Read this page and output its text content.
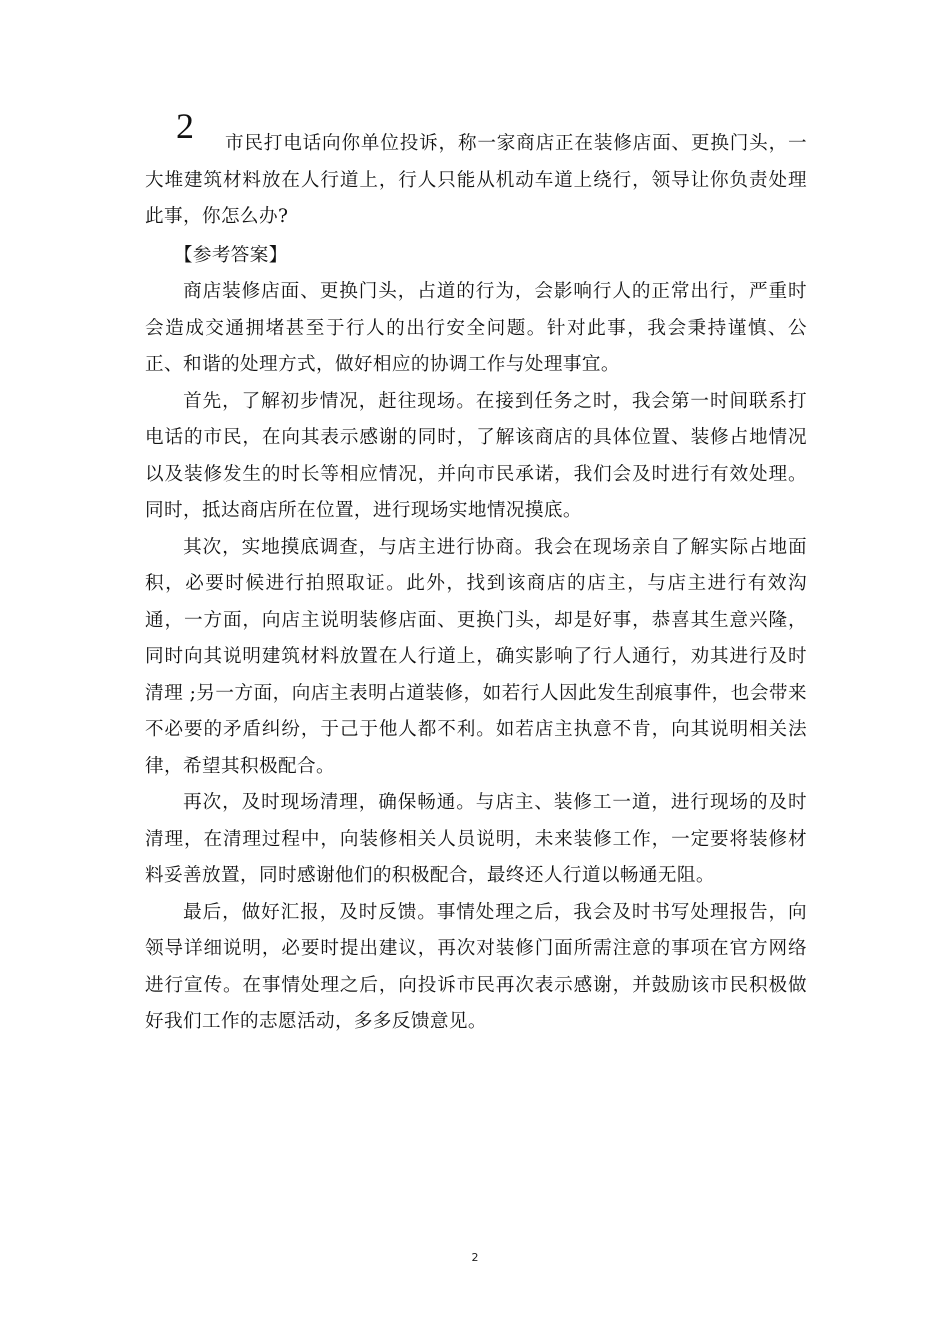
2	市民打电话向你单位投诉，称一家商店正在装修店面、更换门头，一大堆建筑材料放在人行道上，行人只能从机动车道上绕行，领导让你负责处理此事，你怎么办?

【参考答案】

商店装修店面、更换门头，占道的行为，会影响行人的正常出行，严重时会造成交通拥堵甚至于行人的出行安全问题。针对此事，我会秉持谨慎、公正、和谐的处理方式，做好相应的协调工作与处理事宜。

首先，了解初步情况，赶往现场。在接到任务之时，我会第一时间联系打电话的市民，在向其表示感谢的同时，了解该商店的具体位置、装修占地情况以及装修发生的时长等相应情况，并向市民承诺，我们会及时进行有效处理。同时，抵达商店所在位置，进行现场实地情况摸底。

其次，实地摸底调查，与店主进行协商。我会在现场亲自了解实际占地面积，必要时候进行拍照取证。此外，找到该商店的店主，与店主进行有效沟通，一方面，向店主说明装修店面、更换门头，却是好事，恭喜其生意兴隆，同时向其说明建筑材料放置在人行道上，确实影响了行人通行，劝其进行及时清理 ;另一方面，向店主表明占道装修，如若行人因此发生刮痕事件，也会带来不必要的矛盾纠纷，于己于他人都不利。如若店主执意不肯，向其说明相关法律，希望其积极配合。

再次，及时现场清理，确保畅通。与店主、装修工一道，进行现场的及时清理，在清理过程中，向装修相关人员说明，未来装修工作，一定要将装修材料妥善放置，同时感谢他们的积极配合，最终还人行道以畅通无阻。

最后，做好汇报，及时反馈。事情处理之后，我会及时书写处理报告，向领导详细说明，必要时提出建议，再次对装修门面所需注意的事项在官方网络进行宣传。在事情处理之后，向投诉市民再次表示感谢，并鼓励该市民积极做好我们工作的志愿活动，多多反馈意见。

2
